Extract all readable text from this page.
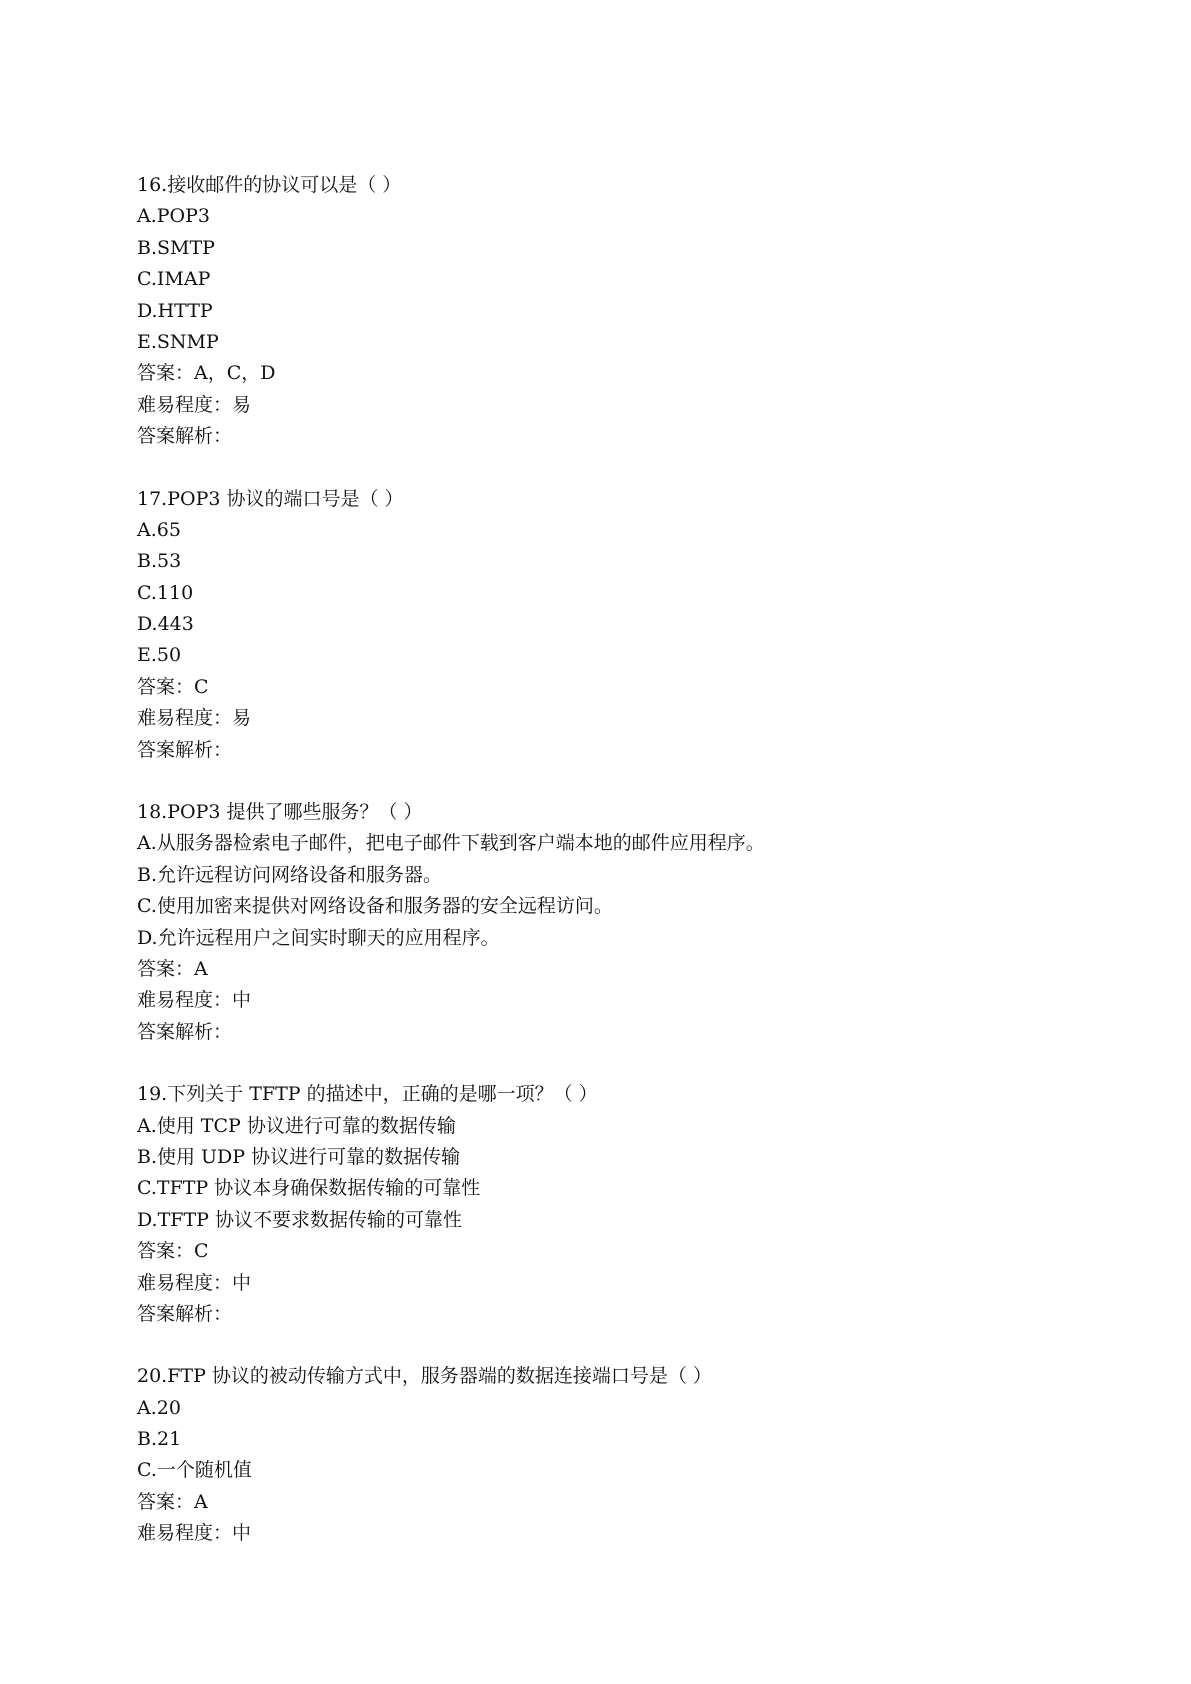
16.接收邮件的协议可以是（ ）
A.POP3
B.SMTP
C.IMAP
D.HTTP
E.SNMP
答案：A，C，D
难易程度：易
答案解析：
17.POP3 协议的端口号是（ ）
A.65
B.53
C.110
D.443
E.50
答案：C
难易程度：易
答案解析：
18.POP3 提供了哪些服务？（ ）
A.从服务器检索电子邮件，把电子邮件下载到客户端本地的邮件应用程序。
B.允许远程访问网络设备和服务器。
C.使用加密来提供对网络设备和服务器的安全远程访问。
D.允许远程用户之间实时聊天的应用程序。
答案：A
难易程度：中
答案解析：
19.下列关于 TFTP 的描述中，正确的是哪一项？（ ）
A.使用 TCP 协议进行可靠的数据传输
B.使用 UDP 协议进行可靠的数据传输
C.TFTP 协议本身确保数据传输的可靠性
D.TFTP 协议不要求数据传输的可靠性
答案：C
难易程度：中
答案解析：
20.FTP 协议的被动传输方式中，服务器端的数据连接端口号是（ ）
A.20
B.21
C.一个随机值
答案：A
难易程度：中
